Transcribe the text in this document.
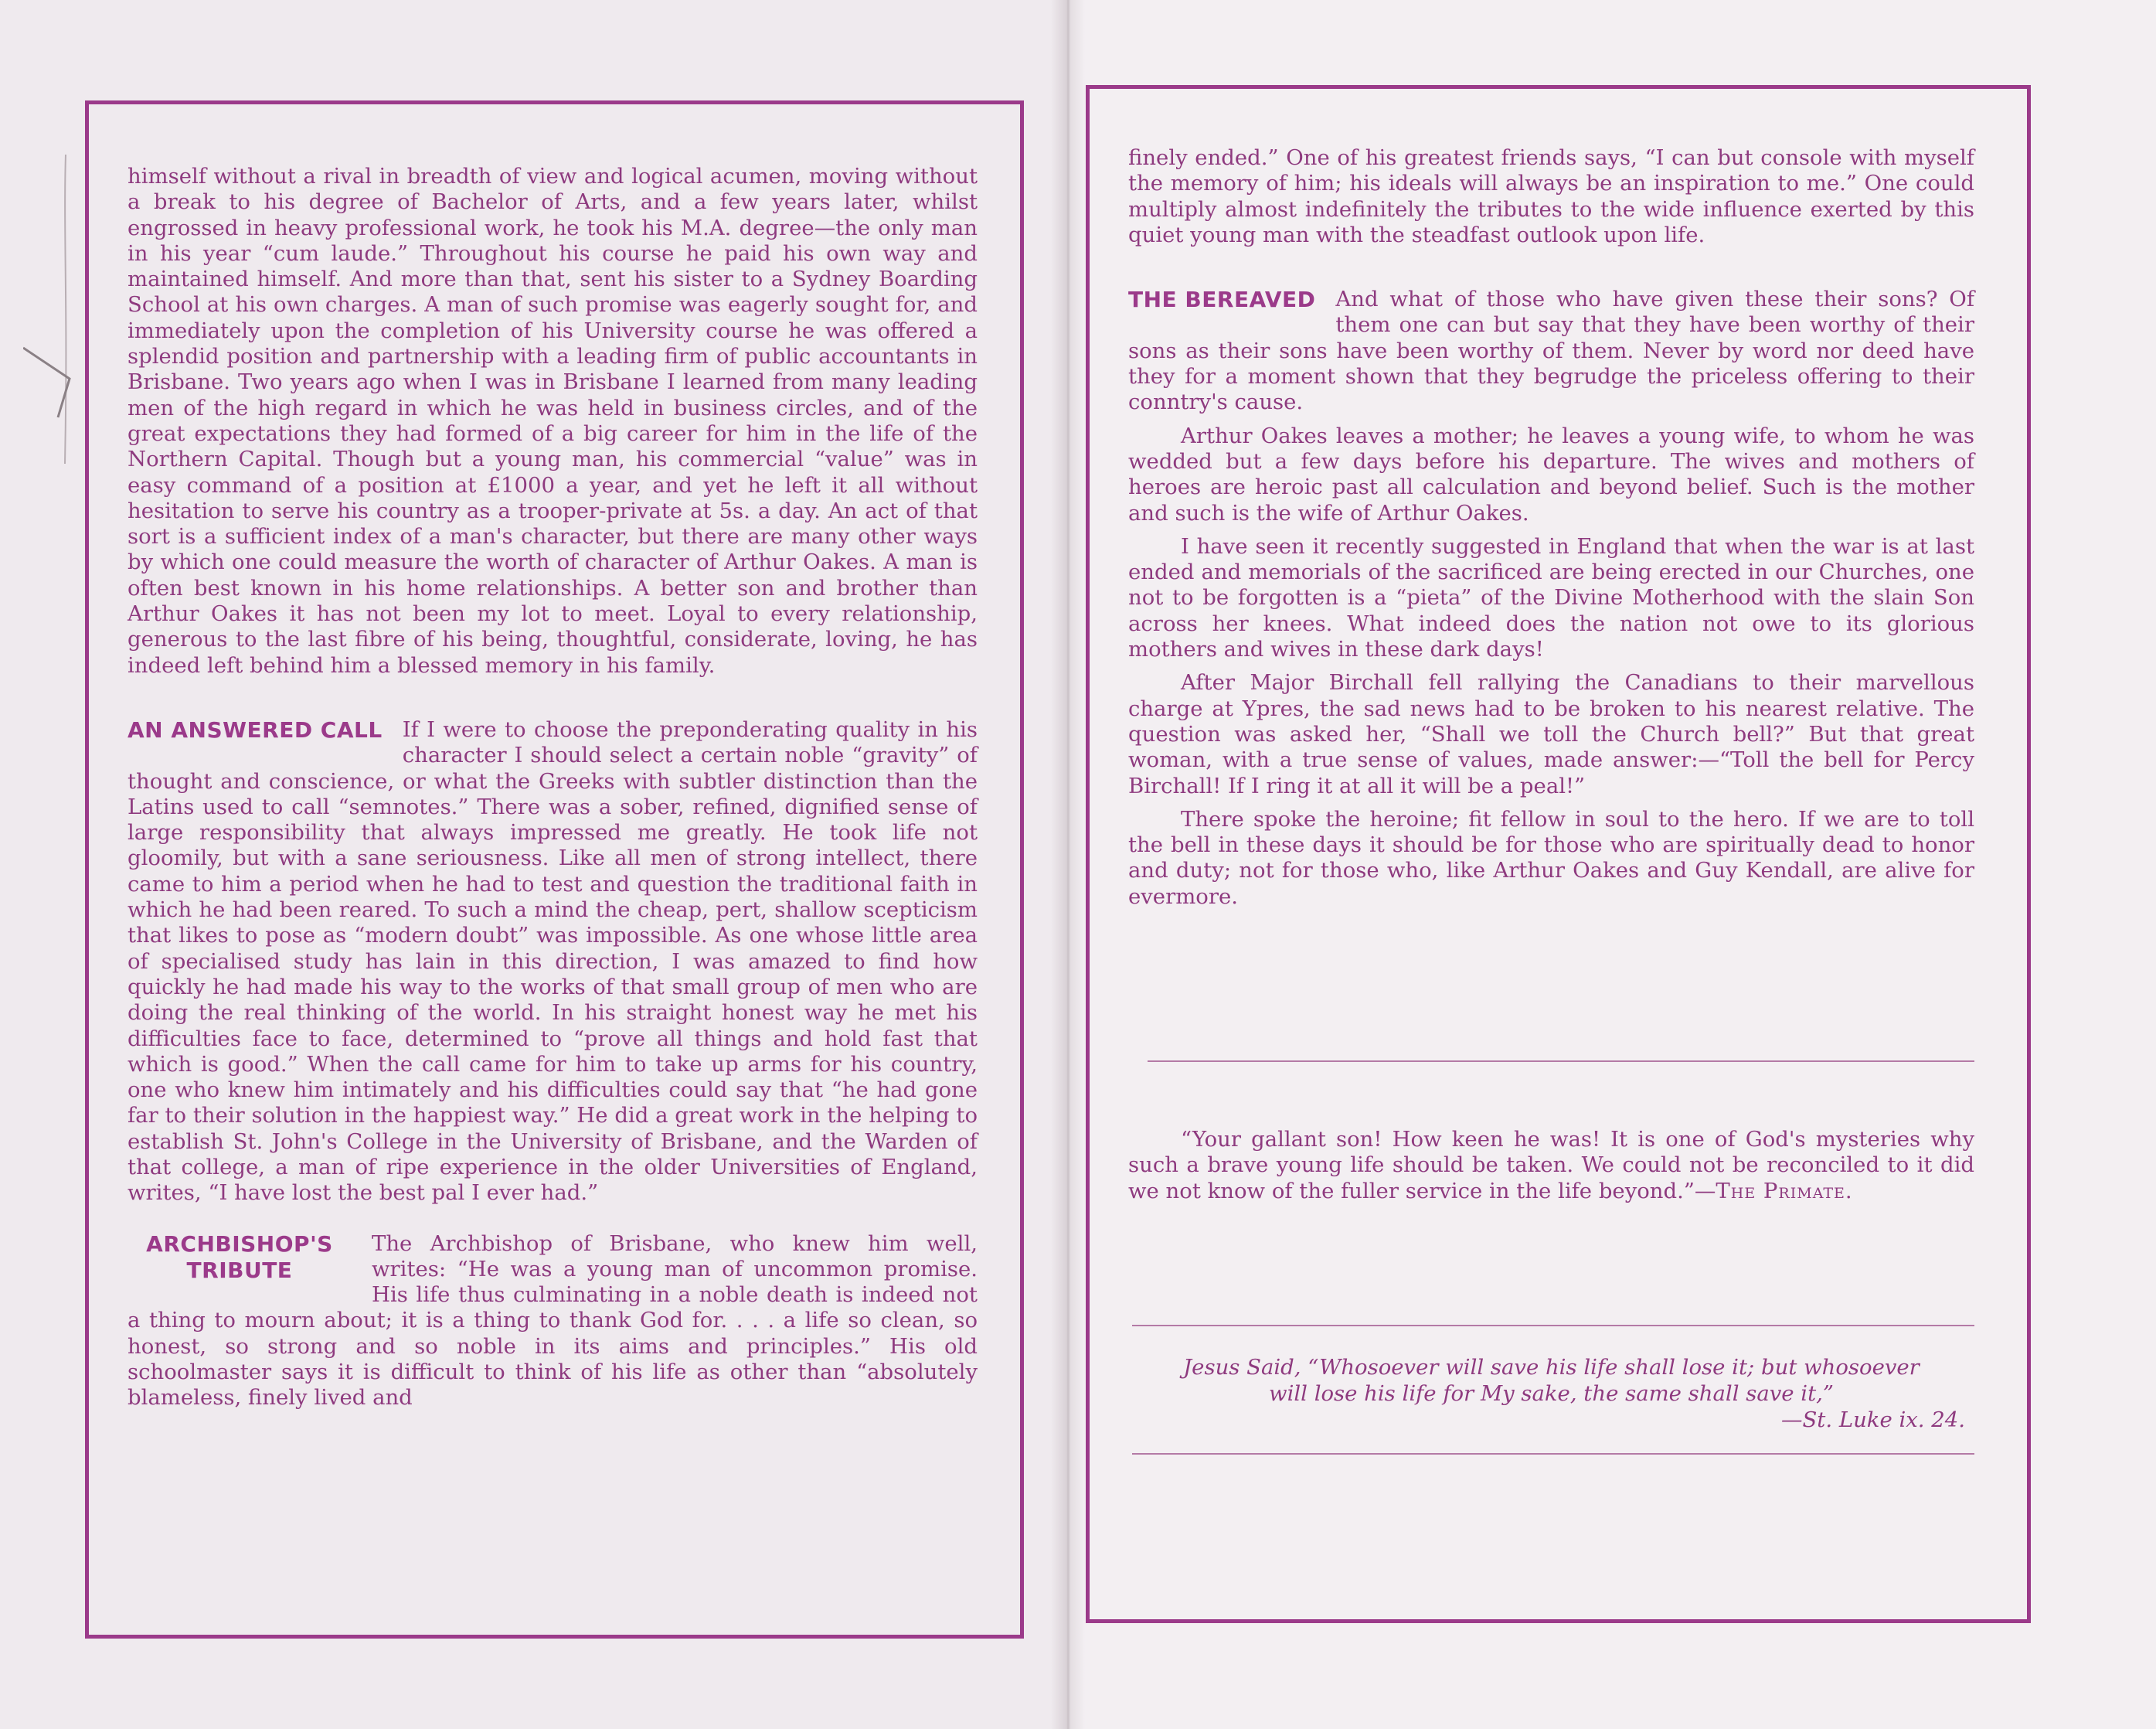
himself without a rival in breadth of view and logical acumen, moving without a break to his degree of Bachelor of Arts, and a few years later, whilst engrossed in heavy professional work, he took his M.A. degree—the only man in his year “cum laude.” Throughout his course he paid his own way and maintained himself. And more than that, sent his sister to a Sydney Boarding School at his own charges. A man of such promise was eagerly sought for, and immediately upon the completion of his University course he was offered a splendid position and partnership with a leading firm of public accountants in Brisbane. Two years ago when I was in Brisbane I learned from many leading men of the high regard in which he was held in business circles, and of the great expectations they had formed of a big career for him in the life of the Northern Capital. Though but a young man, his commercial “value” was in easy command of a position at £1000 a year, and yet he left it all without hesitation to serve his country as a trooper-private at 5s. a day. An act of that sort is a sufficient index of a man's character, but there are many other ways by which one could measure the worth of character of Arthur Oakes. A man is often best known in his home relationships. A better son and brother than Arthur Oakes it has not been my lot to meet. Loyal to every relationship, generous to the last fibre of his being, thoughtful, considerate, loving, he has indeed left behind him a blessed memory in his family.

AN ANSWERED CALL If I were to choose the preponderating quality in his character I should select a certain noble “gravity” of thought and conscience, or what the Greeks with subtler distinction than the Latins used to call “semnotes.” There was a sober, refined, dignified sense of large responsibility that always impressed me greatly. He took life not gloomily, but with a sane seriousness. Like all men of strong intellect, there came to him a period when he had to test and question the traditional faith in which he had been reared. To such a mind the cheap, pert, shallow scepticism that likes to pose as “modern doubt” was impossible. As one whose little area of specialised study has lain in this direction, I was amazed to find how quickly he had made his way to the works of that small group of men who are doing the real thinking of the world. In his straight honest way he met his difficulties face to face, determined to “prove all things and hold fast that which is good.” When the call came for him to take up arms for his country, one who knew him intimately and his difficulties could say that “he had gone far to their solution in the happiest way.” He did a great work in the helping to establish St. John's College in the University of Brisbane, and the Warden of that college, a man of ripe experience in the older Universities of England, writes, “I have lost the best pal I ever had.”

ARCHBISHOP'S
TRIBUTE

The Archbishop of Brisbane, who knew him well, writes: “He was a young man of uncommon promise. His life thus culminating in a noble death is indeed not a thing to mourn about; it is a thing to thank God for. . . . a life so clean, so honest, so strong and so noble in its aims and principles.” His old schoolmaster says it is difficult to think of his life as other than “absolutely blameless, finely lived and

finely ended.” One of his greatest friends says, “I can but console with myself the memory of him; his ideals will always be an inspiration to me.” One could multiply almost indefinitely the tributes to the wide influence exerted by this quiet young man with the steadfast outlook upon life.

THE BEREAVED And what of those who have given these their sons? Of them one can but say that they have been worthy of their sons as their sons have been worthy of them. Never by word nor deed have they for a moment shown that they begrudge the priceless offering to their conntry's cause.

Arthur Oakes leaves a mother; he leaves a young wife, to whom he was wedded but a few days before his departure. The wives and mothers of heroes are heroic past all calculation and beyond belief. Such is the mother and such is the wife of Arthur Oakes.

I have seen it recently suggested in England that when the war is at last ended and memorials of the sacrificed are being erected in our Churches, one not to be forgotten is a “pieta” of the Divine Motherhood with the slain Son across her knees. What indeed does the nation not owe to its glorious mothers and wives in these dark days!

After Major Birchall fell rallying the Canadians to their marvellous charge at Ypres, the sad news had to be broken to his nearest relative. The question was asked her, “Shall we toll the Church bell?” But that great woman, with a true sense of values, made answer:—“Toll the bell for Percy Birchall! If I ring it at all it will be a peal!”

There spoke the heroine; fit fellow in soul to the hero. If we are to toll the bell in these days it should be for those who are spiritually dead to honor and duty; not for those who, like Arthur Oakes and Guy Kendall, are alive for evermore.

“Your gallant son! How keen he was! It is one of God's mysteries why such a brave young life should be taken. We could not be reconciled to it did we not know of the fuller service in the life beyond.”—The Primate.

Jesus Said, “Whosoever will save his life shall lose it; but whosoever
will lose his life for My sake, the same shall save it,”
—St. Luke ix. 24.
